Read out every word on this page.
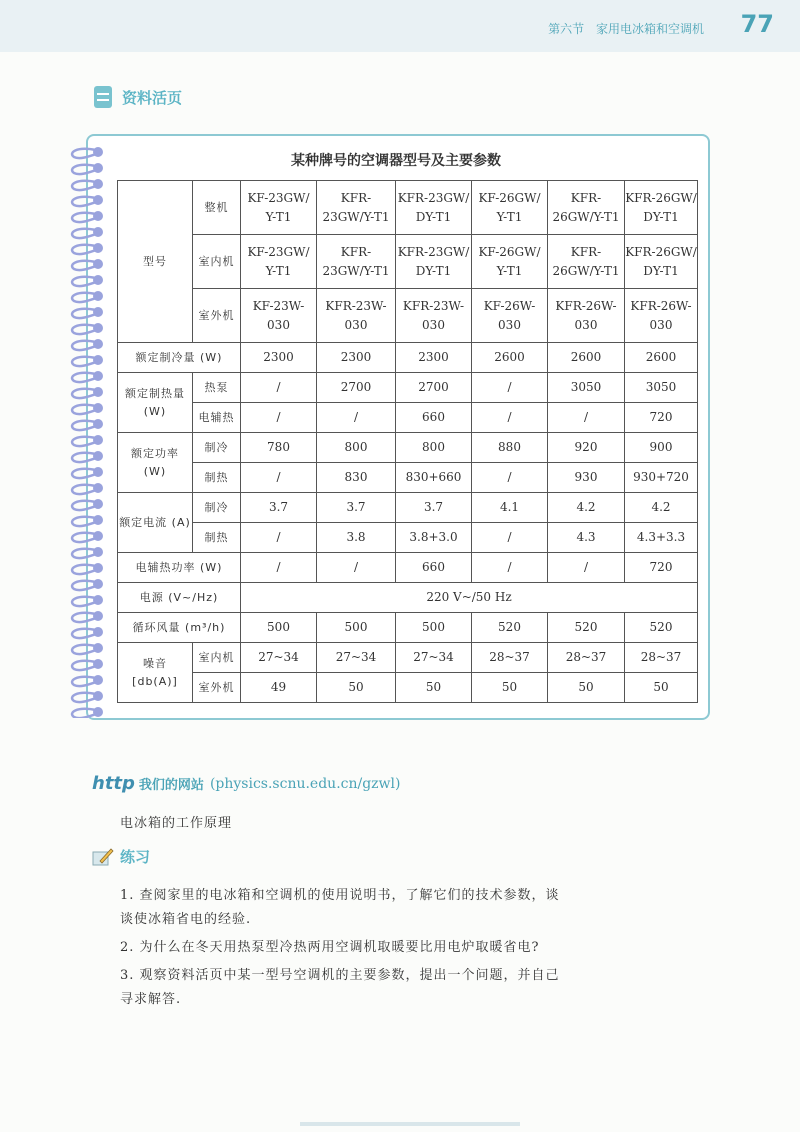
第六节 家用电冰箱和空调机 77
资料活页
某种牌号的空调器型号及主要参数
型号	整机	KF-23GW/ Y-T1	KFR- 23GW/Y-T1	KFR-23GW/ DY-T1	KF-26GW/ Y-T1	KFR- 26GW/Y-T1	KFR-26GW/ DY-T1
	室内机	KF-23GW/ Y-T1	KFR- 23GW/Y-T1	KFR-23GW/ DY-T1	KF-26GW/ Y-T1	KFR- 26GW/Y-T1	KFR-26GW/ DY-T1
	室外机	KF-23W- 030	KFR-23W- 030	KFR-23W- 030	KF-26W- 030	KFR-26W- 030	KFR-26W- 030
额定制冷量 (W)		2300	2300	2300	2600	2600	2600
额定制热量 (W)	热泵	/	2700	2700	/	3050	3050
	电辅热	/	/	660	/	/	720
额定功率 (W)	制冷	780	800	800	880	920	900
	制热	/	830	830+660	/	930	930+720
额定电流 (A)	制冷	3.7	3.7	3.7	4.1	4.2	4.2
	制热	/	3.8	3.8+3.0	/	4.3	4.3+3.3
电辅热功率 (W)		/	/	660	/	/	720
电源 (V~/Hz)		220 V~/50 Hz					
循环风量 (m³/h)		500	500	500	520	520	520
噪音 [db(A)]	室内机	27~34	27~34	27~34	28~37	28~37	28~37
	室外机	49	50	50	50	50	50
http 我们的网站 (physics.scnu.edu.cn/gzwl)
电冰箱的工作原理
练习

1. 查阅家里的电冰箱和空调机的使用说明书，了解它们的技术参数，谈谈使冰箱省电的经验.

2. 为什么在冬天用热泵型冷热两用空调机取暖要比用电炉取暖省电?

3. 观察资料活页中某一型号空调机的主要参数，提出一个问题，并自己寻求解答.
